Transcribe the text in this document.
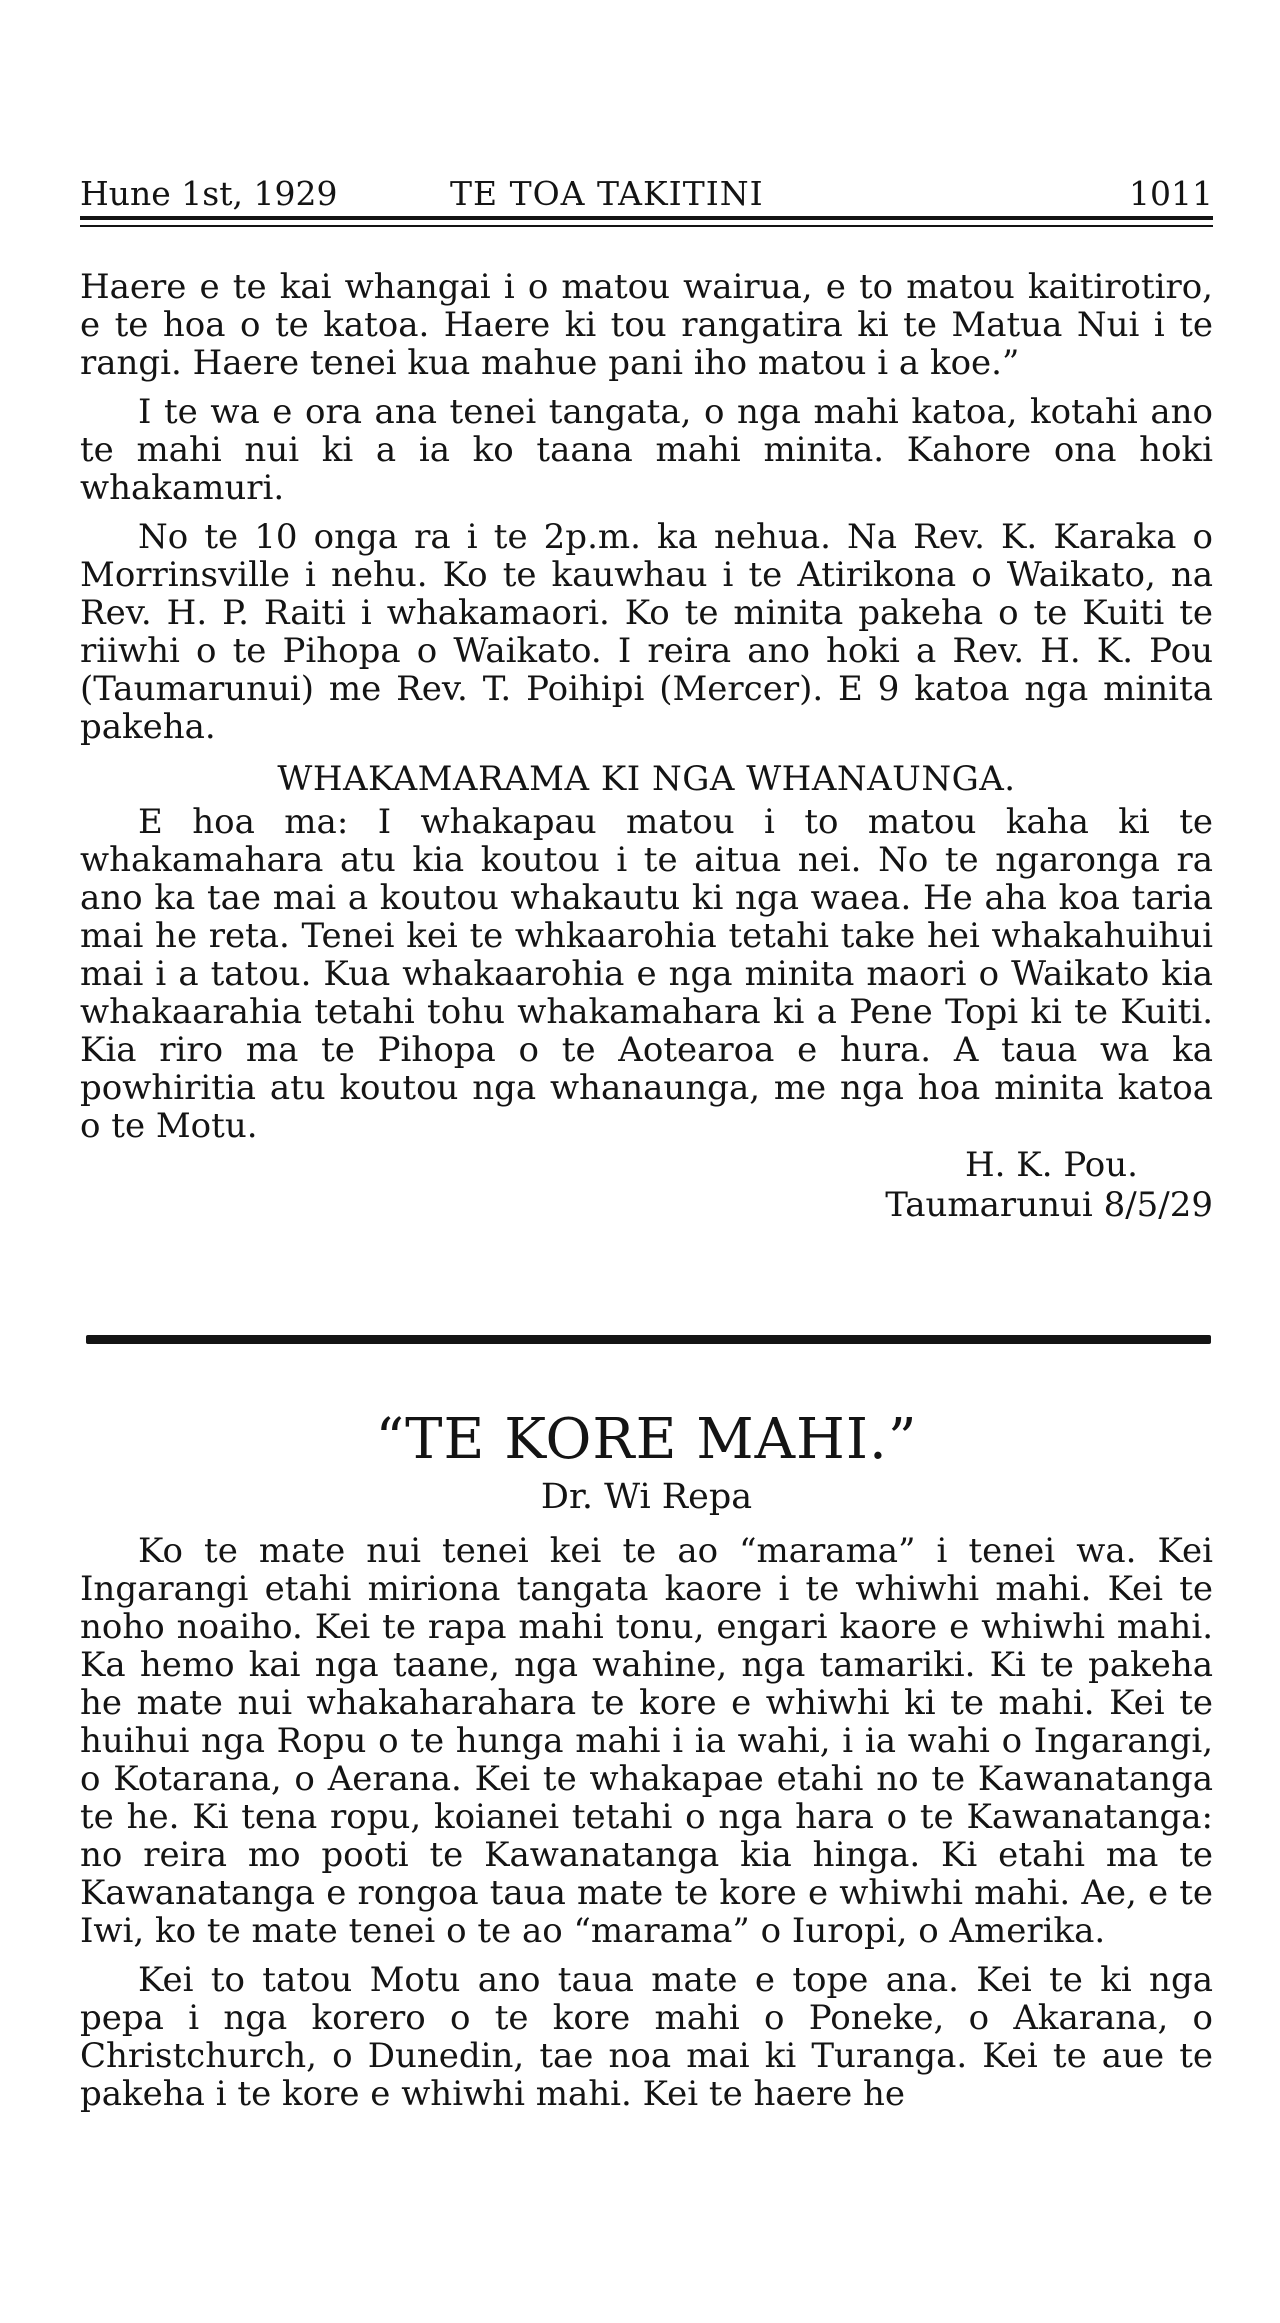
Hune 1st, 1929	TE TOA TAKITINI	1011

Haere e te kai whangai i o matou wairua, e to matou kaitirotiro, e te hoa o te katoa. Haere ki tou rangatira ki te Matua Nui i te rangi. Haere tenei kua mahue pani iho matou i a koe.”

I te wa e ora ana tenei tangata, o nga mahi katoa, kotahi ano te mahi nui ki a ia ko taana mahi minita. Kahore ona hoki whakamuri.

No te 10 onga ra i te 2p.m. ka nehua. Na Rev. K. Karaka o Morrinsville i nehu. Ko te kauwhau i te Atirikona o Waikato, na Rev. H. P. Raiti i whakamaori. Ko te minita pakeha o te Kuiti te riiwhi o te Pihopa o Waikato. I reira ano hoki a Rev. H. K. Pou (Taumarunui) me Rev. T. Poihipi (Mercer). E 9 katoa nga minita pakeha.

WHAKAMARAMA KI NGA WHANAUNGA.

E hoa ma: I whakapau matou i to matou kaha ki te whakamahara atu kia koutou i te aitua nei. No te ngaronga ra ano ka tae mai a koutou whakautu ki nga waea. He aha koa taria mai he reta. Tenei kei te whkaarohia tetahi take hei whakahuihui mai i a tatou. Kua whakaarohia e nga minita maori o Waikato kia whakaarahia tetahi tohu whakamahara ki a Pene Topi ki te Kuiti. Kia riro ma te Pihopa o te Aotearoa e hura. A taua wa ka powhiritia atu koutou nga whanaunga, me nga hoa minita katoa o te Motu.

H. K. Pou.

Taumarunui 8/5/29

“TE KORE MAHI.”
Dr. Wi Repa

Ko te mate nui tenei kei te ao “marama” i tenei wa. Kei Ingarangi etahi miriona tangata kaore i te whiwhi mahi. Kei te noho noaiho. Kei te rapa mahi tonu, engari kaore e whiwhi mahi. Ka hemo kai nga taane, nga wahine, nga tamariki. Ki te pakeha he mate nui whakaharahara te kore e whiwhi ki te mahi. Kei te huihui nga Ropu o te hunga mahi i ia wahi, i ia wahi o Ingarangi, o Kotarana, o Aerana. Kei te whakapae etahi no te Kawanatanga te he. Ki tena ropu, koianei tetahi o nga hara o te Kawanatanga: no reira mo pooti te Kawanatanga kia hinga. Ki etahi ma te Kawanatanga e rongoa taua mate te kore e whiwhi mahi. Ae, e te Iwi, ko te mate tenei o te ao “marama” o Iuropi, o Amerika.

Kei to tatou Motu ano taua mate e tope ana. Kei te ki nga pepa i nga korero o te kore mahi o Poneke, o Akarana, o Christchurch, o Dunedin, tae noa mai ki Turanga. Kei te aue te pakeha i te kore e whiwhi mahi. Kei te haere he
